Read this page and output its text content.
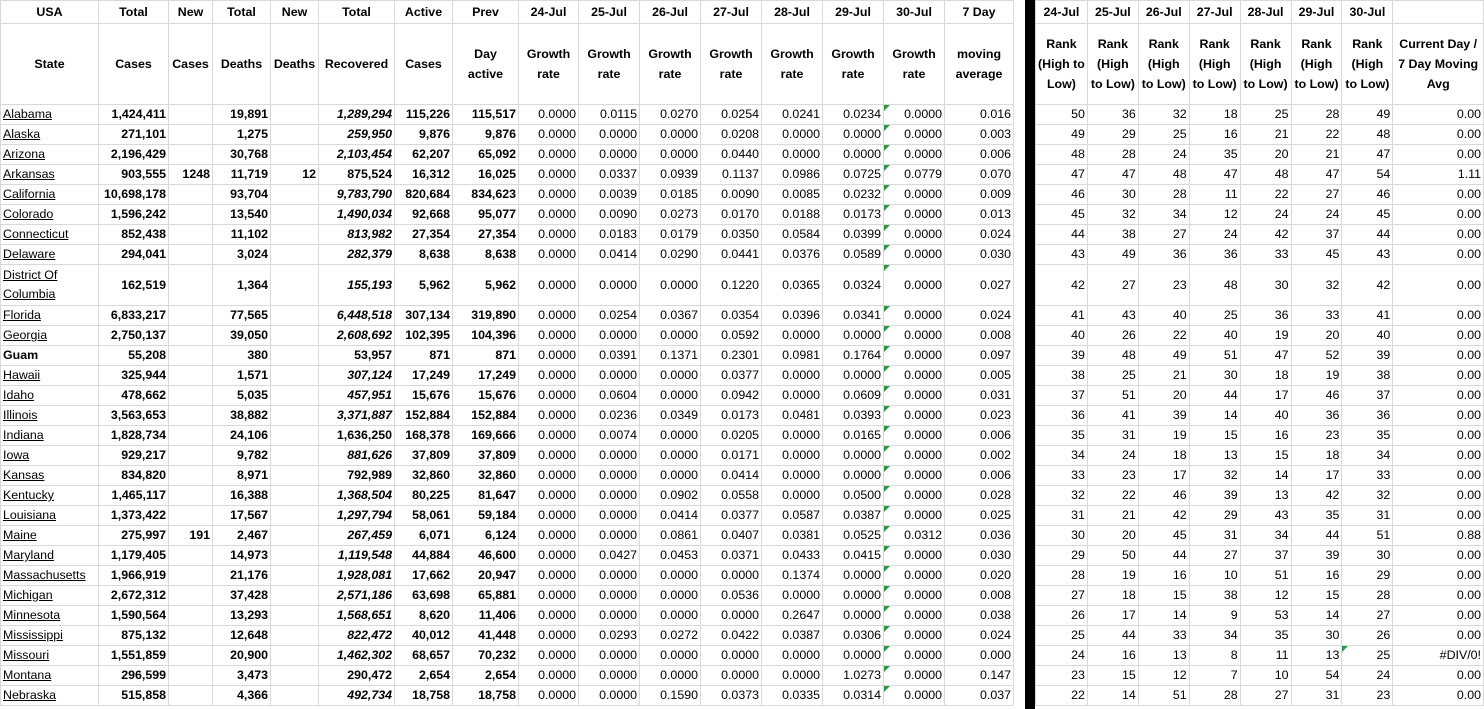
USA	Total	New	Total	New	Total	Active	Prev	24-Jul	25-Jul	26-Jul	27-Jul	28-Jul	29-Jul	30-Jul	7 Day
State	Cases	Cases	Deaths	Deaths	Recovered	Cases	Day active	Growth rate	Growth rate	Growth rate	Growth rate	Growth rate	Growth rate	Growth rate	moving average
Alabama	1,424,411		19,891		1,289,294	115,226	115,517	0.0000	0.0115	0.0270	0.0254	0.0241	0.0234	0.0000	0.016
Alaska	271,101		1,275		259,950	9,876	9,876	0.0000	0.0000	0.0000	0.0208	0.0000	0.0000	0.0000	0.003
Arizona	2,196,429		30,768		2,103,454	62,207	65,092	0.0000	0.0000	0.0000	0.0440	0.0000	0.0000	0.0000	0.006
Arkansas	903,555	1248	11,719	12	875,524	16,312	16,025	0.0000	0.0337	0.0939	0.1137	0.0986	0.0725	0.0779	0.070
California	10,698,178		93,704		9,783,790	820,684	834,623	0.0000	0.0039	0.0185	0.0090	0.0085	0.0232	0.0000	0.009
Colorado	1,596,242		13,540		1,490,034	92,668	95,077	0.0000	0.0090	0.0273	0.0170	0.0188	0.0173	0.0000	0.013
Connecticut	852,438		11,102		813,982	27,354	27,354	0.0000	0.0183	0.0179	0.0350	0.0584	0.0399	0.0000	0.024
Delaware	294,041		3,024		282,379	8,638	8,638	0.0000	0.0414	0.0290	0.0441	0.0376	0.0589	0.0000	0.030
District Of Columbia	162,519		1,364		155,193	5,962	5,962	0.0000	0.0000	0.0000	0.1220	0.0365	0.0324	0.0000	0.027
Florida	6,833,217		77,565		6,448,518	307,134	319,890	0.0000	0.0254	0.0367	0.0354	0.0396	0.0341	0.0000	0.024
Georgia	2,750,137		39,050		2,608,692	102,395	104,396	0.0000	0.0000	0.0000	0.0592	0.0000	0.0000	0.0000	0.008
Guam	55,208		380		53,957	871	871	0.0000	0.0391	0.1371	0.2301	0.0981	0.1764	0.0000	0.097
Hawaii	325,944		1,571		307,124	17,249	17,249	0.0000	0.0000	0.0000	0.0377	0.0000	0.0000	0.0000	0.005
Idaho	478,662		5,035		457,951	15,676	15,676	0.0000	0.0604	0.0000	0.0942	0.0000	0.0609	0.0000	0.031
Illinois	3,563,653		38,882		3,371,887	152,884	152,884	0.0000	0.0236	0.0349	0.0173	0.0481	0.0393	0.0000	0.023
Indiana	1,828,734		24,106		1,636,250	168,378	169,666	0.0000	0.0074	0.0000	0.0205	0.0000	0.0165	0.0000	0.006
Iowa	929,217		9,782		881,626	37,809	37,809	0.0000	0.0000	0.0000	0.0171	0.0000	0.0000	0.0000	0.002
Kansas	834,820		8,971		792,989	32,860	32,860	0.0000	0.0000	0.0000	0.0414	0.0000	0.0000	0.0000	0.006
Kentucky	1,465,117		16,388		1,368,504	80,225	81,647	0.0000	0.0000	0.0902	0.0558	0.0000	0.0500	0.0000	0.028
Louisiana	1,373,422		17,567		1,297,794	58,061	59,184	0.0000	0.0000	0.0414	0.0377	0.0587	0.0387	0.0000	0.025
Maine	275,997	191	2,467		267,459	6,071	6,124	0.0000	0.0000	0.0861	0.0407	0.0381	0.0525	0.0312	0.036
Maryland	1,179,405		14,973		1,119,548	44,884	46,600	0.0000	0.0427	0.0453	0.0371	0.0433	0.0415	0.0000	0.030
Massachusetts	1,966,919		21,176		1,928,081	17,662	20,947	0.0000	0.0000	0.0000	0.0000	0.1374	0.0000	0.0000	0.020
Michigan	2,672,312		37,428		2,571,186	63,698	65,881	0.0000	0.0000	0.0000	0.0536	0.0000	0.0000	0.0000	0.008
Minnesota	1,590,564		13,293		1,568,651	8,620	11,406	0.0000	0.0000	0.0000	0.0000	0.2647	0.0000	0.0000	0.038
Mississippi	875,132		12,648		822,472	40,012	41,448	0.0000	0.0293	0.0272	0.0422	0.0387	0.0306	0.0000	0.024
Missouri	1,551,859		20,900		1,462,302	68,657	70,232	0.0000	0.0000	0.0000	0.0000	0.0000	0.0000	0.0000	0.000
Montana	296,599		3,473		290,472	2,654	2,654	0.0000	0.0000	0.0000	0.0000	0.0000	1.0273	0.0000	0.147
Nebraska	515,858		4,366		492,734	18,758	18,758	0.0000	0.0000	0.1590	0.0373	0.0335	0.0314	0.0000	0.037
24-Jul	25-Jul	26-Jul	27-Jul	28-Jul	29-Jul	30-Jul	
Rank (High to Low)	Rank (High to Low)	Rank (High to Low)	Rank (High to Low)	Rank (High to Low)	Rank (High to Low)	Rank (High to Low)	Current Day / 7 Day Moving Avg
50	36	32	18	25	28	49	0.00
49	29	25	16	21	22	48	0.00
48	28	24	35	20	21	47	0.00
47	47	48	47	48	47	54	1.11
46	30	28	11	22	27	46	0.00
45	32	34	12	24	24	45	0.00
44	38	27	24	42	37	44	0.00
43	49	36	36	33	45	43	0.00
42	27	23	48	30	32	42	0.00
41	43	40	25	36	33	41	0.00
40	26	22	40	19	20	40	0.00
39	48	49	51	47	52	39	0.00
38	25	21	30	18	19	38	0.00
37	51	20	44	17	46	37	0.00
36	41	39	14	40	36	36	0.00
35	31	19	15	16	23	35	0.00
34	24	18	13	15	18	34	0.00
33	23	17	32	14	17	33	0.00
32	22	46	39	13	42	32	0.00
31	21	42	29	43	35	31	0.00
30	20	45	31	34	44	51	0.88
29	50	44	27	37	39	30	0.00
28	19	16	10	51	16	29	0.00
27	18	15	38	12	15	28	0.00
26	17	14	9	53	14	27	0.00
25	44	33	34	35	30	26	0.00
24	16	13	8	11	13	25	#DIV/0!
23	15	12	7	10	54	24	0.00
22	14	51	28	27	31	23	0.00
